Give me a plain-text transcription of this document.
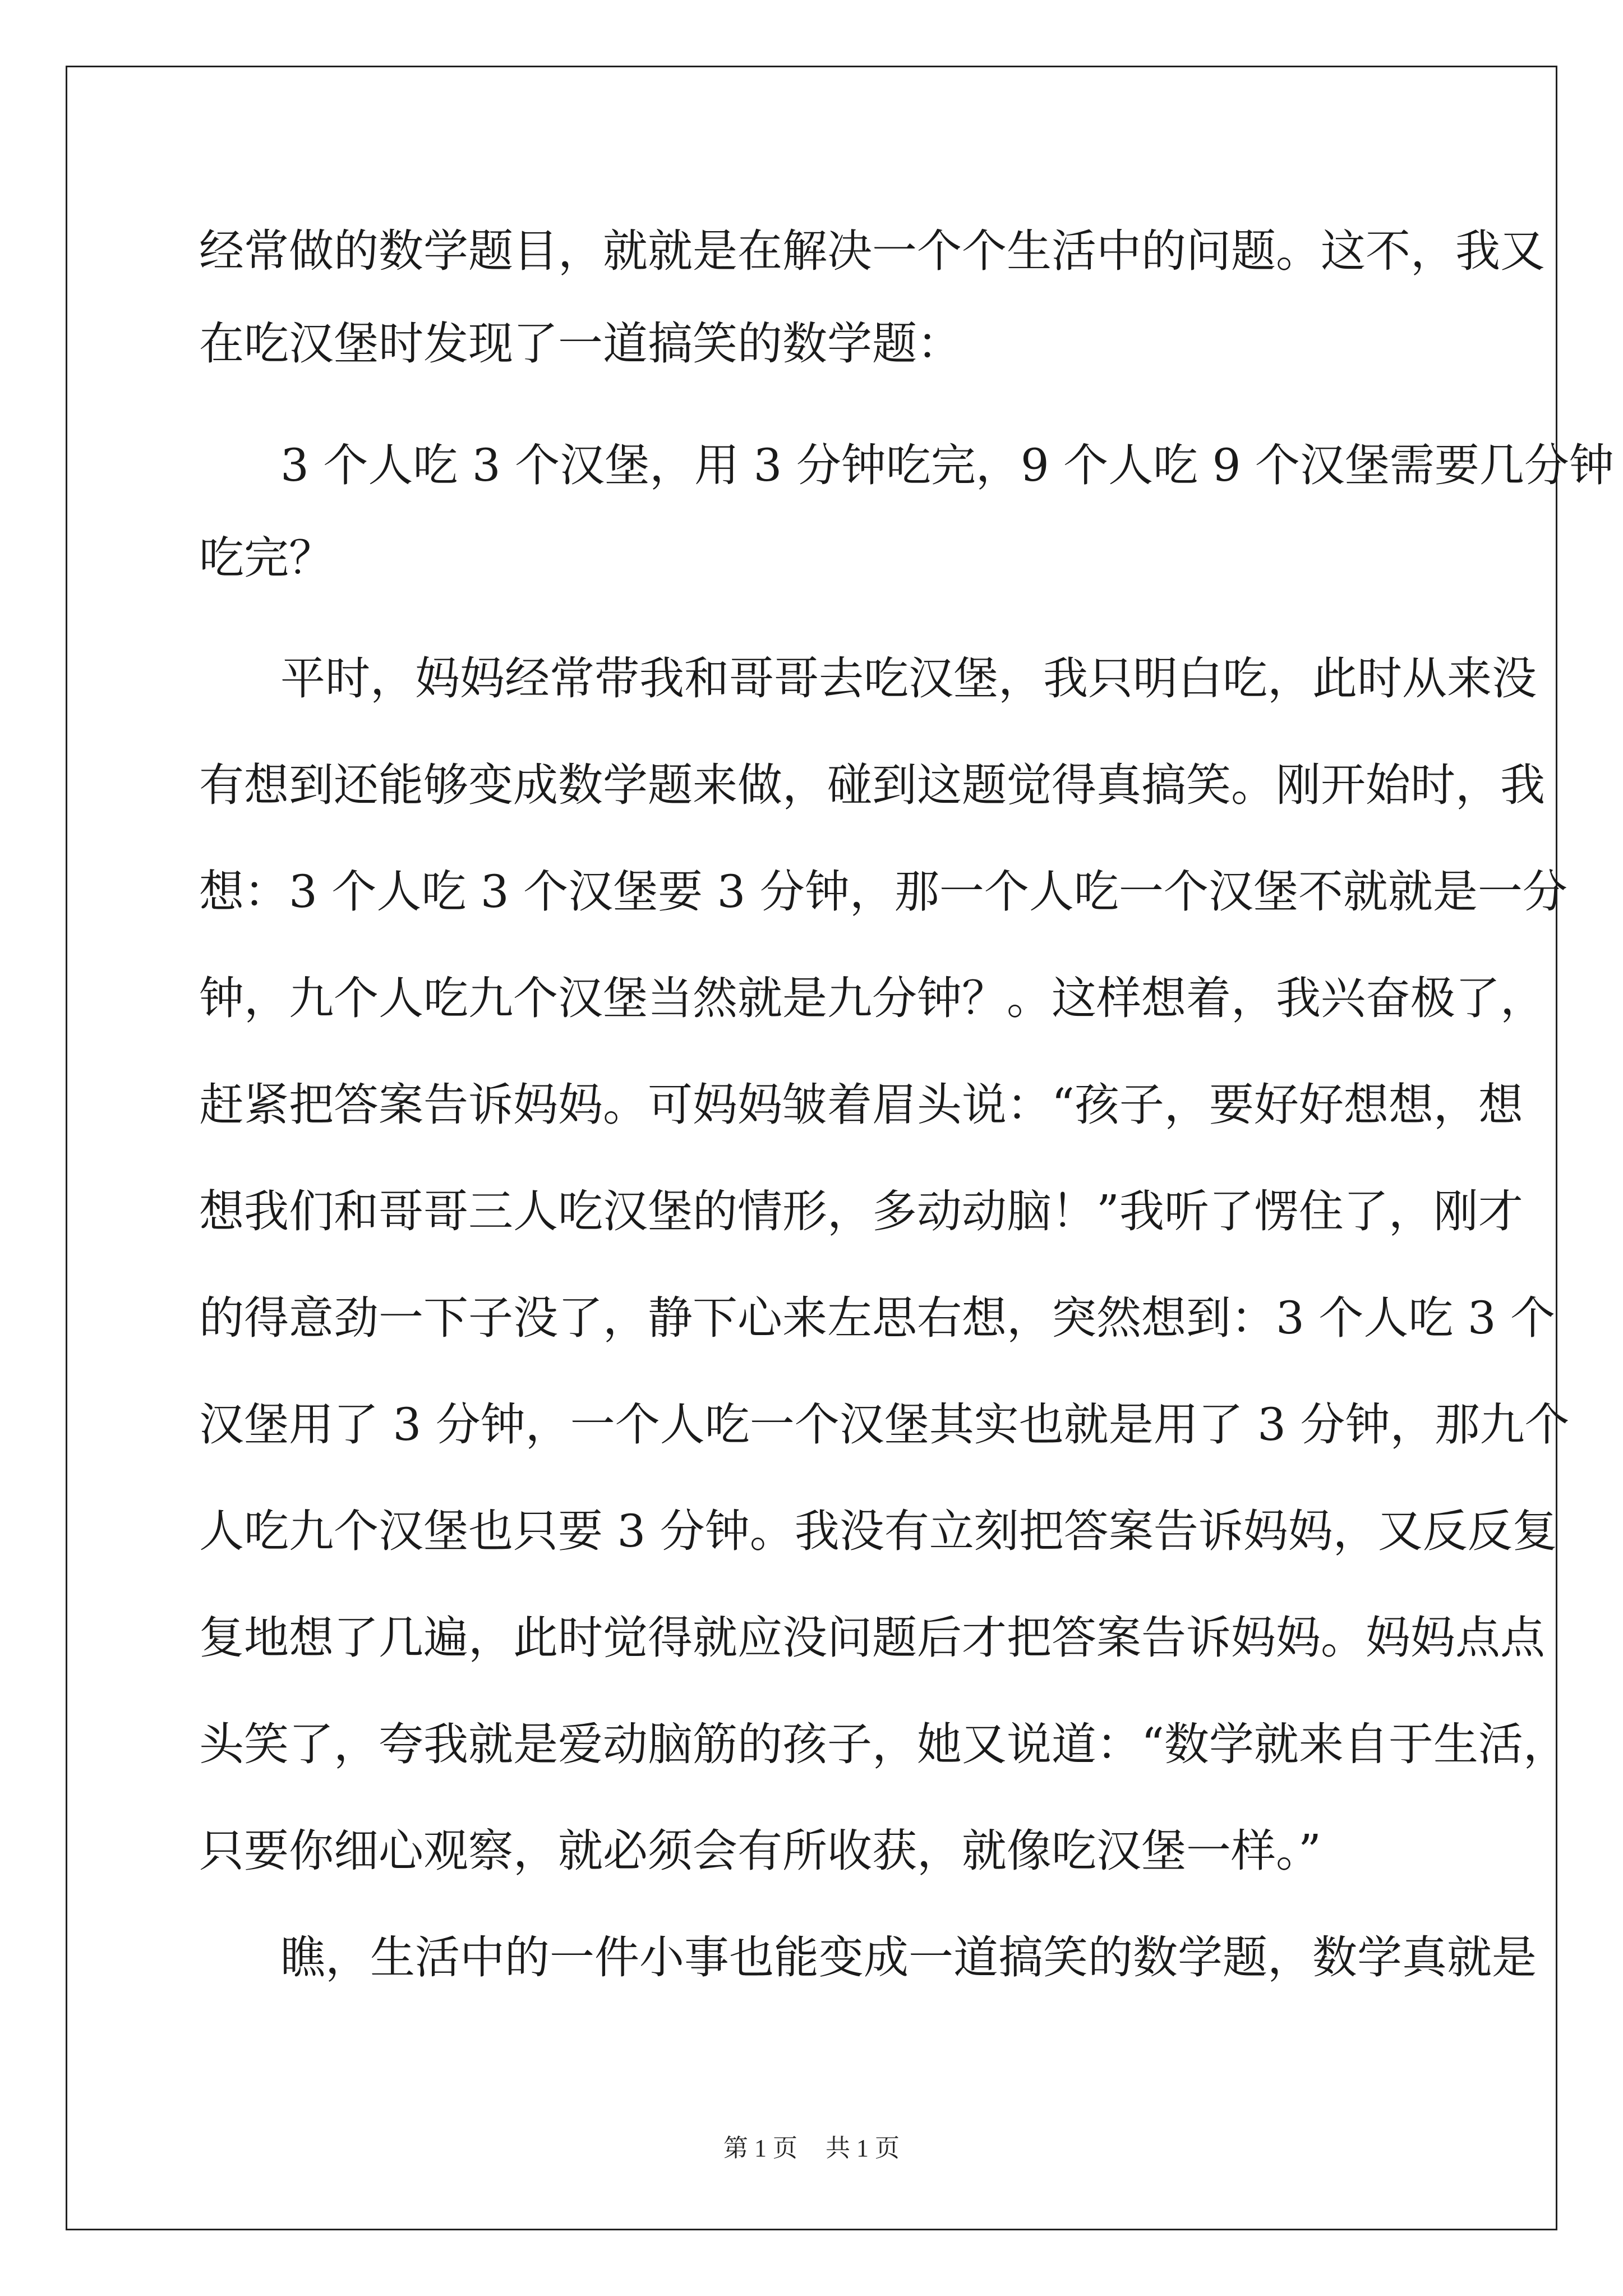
经常做的数学题目，就就是在解决一个个生活中的问题。这不，我又
在吃汉堡时发现了一道搞笑的数学题：
3 个人吃 3 个汉堡，用 3 分钟吃完，9 个人吃 9 个汉堡需要几分钟
吃完？
平时，妈妈经常带我和哥哥去吃汉堡，我只明白吃，此时从来没
有想到还能够变成数学题来做，碰到这题觉得真搞笑。刚开始时，我
想：3 个人吃 3 个汉堡要 3 分钟，那一个人吃一个汉堡不就就是一分
钟，九个人吃九个汉堡当然就是九分钟？。这样想着，我兴奋极了，
赶紧把答案告诉妈妈。可妈妈皱着眉头说：“孩子，要好好想想，想
想我们和哥哥三人吃汉堡的情形，多动动脑！”我听了愣住了，刚才
的得意劲一下子没了，静下心来左思右想，突然想到：3 个人吃 3 个
汉堡用了 3 分钟，一个人吃一个汉堡其实也就是用了 3 分钟，那九个
人吃九个汉堡也只要 3 分钟。我没有立刻把答案告诉妈妈，又反反复
复地想了几遍，此时觉得就应没问题后才把答案告诉妈妈。妈妈点点
头笑了，夸我就是爱动脑筋的孩子，她又说道：“数学就来自于生活，
只要你细心观察，就必须会有所收获，就像吃汉堡一样。”
瞧，生活中的一件小事也能变成一道搞笑的数学题，数学真就是
第 1 页 共 1 页
